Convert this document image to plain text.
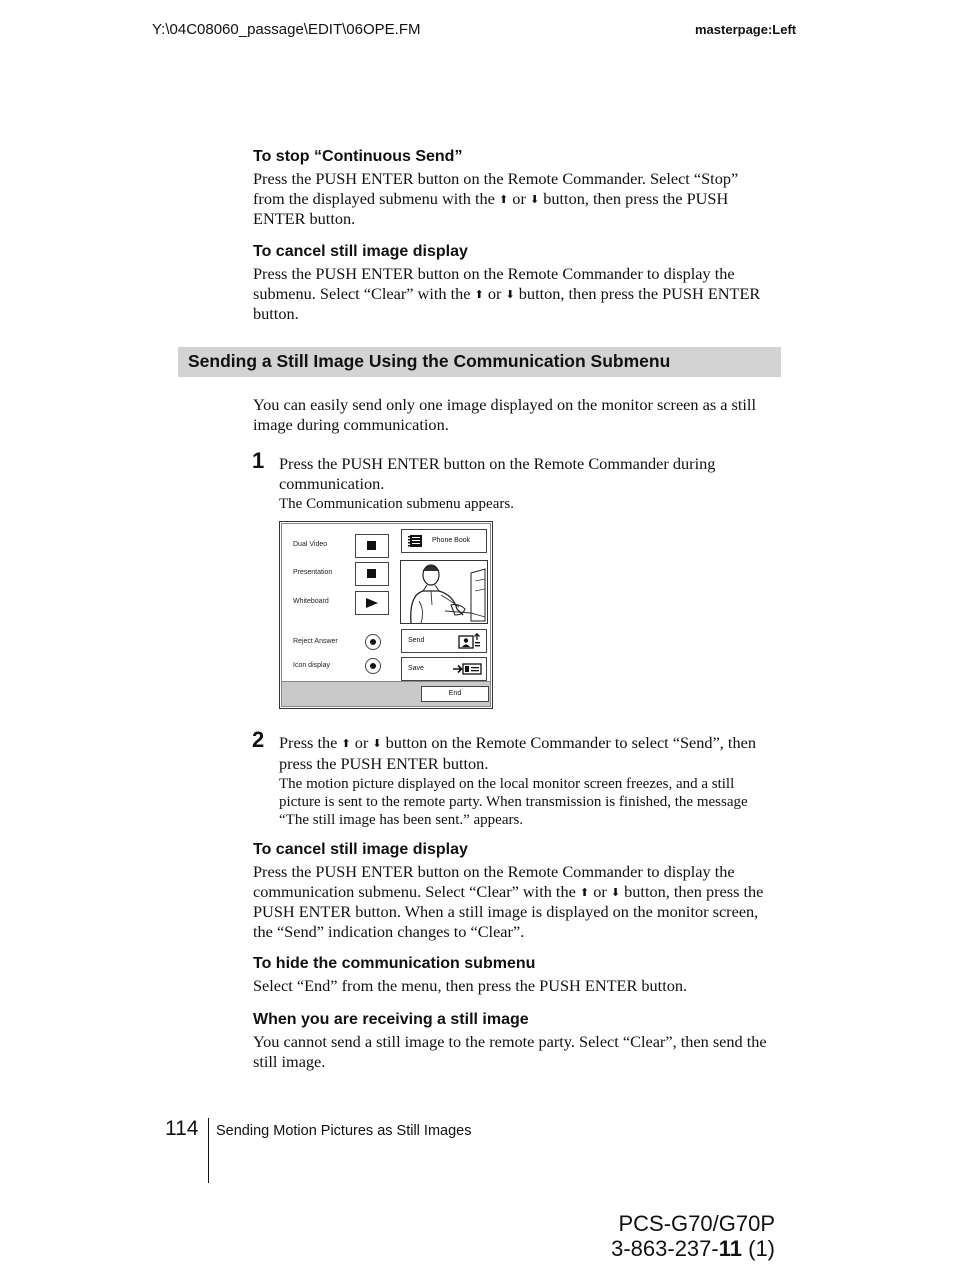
Y:\04C08060_passage\EDIT\06OPE.FM	masterpage:Left
To stop “Continuous Send”

Press the PUSH ENTER button on the Remote Commander. Select “Stop”
from the displayed submenu with the ⬆ or ⬇ button, then press the PUSH
ENTER button.

To cancel still image display

Press the PUSH ENTER button on the Remote Commander to display the
submenu. Select “Clear” with the ⬆ or ⬇ button, then press the PUSH ENTER
button.

Sending a Still Image Using the Communication Submenu

You can easily send only one image displayed on the monitor screen as a still
image during communication.

1 Press the PUSH ENTER button on the Remote Commander during
communication.

The Communication submenu appears.

Dual Video
Presentation
Whiteboard
Reject Answer
Icon display
Phone Book
Send
Save
End
2 Press the ⬆ or ⬇ button on the Remote Commander to select “Send”, then
press the PUSH ENTER button.

The motion picture displayed on the local monitor screen freezes, and a still
picture is sent to the remote party. When transmission is finished, the message
“The still image has been sent.” appears.

To cancel still image display

Press the PUSH ENTER button on the Remote Commander to display the
communication submenu. Select “Clear” with the ⬆ or ⬇ button, then press the
PUSH ENTER button. When a still image is displayed on the monitor screen,
the “Send” indication changes to “Clear”.

To hide the communication submenu

Select “End” from the menu, then press the PUSH ENTER button.

When you are receiving a still image

You cannot send a still image to the remote party. Select “Clear”, then send the
still image.

114 Sending Motion Pictures as Still Images
PCS-G70/G70P
3-863-237-11 (1)
